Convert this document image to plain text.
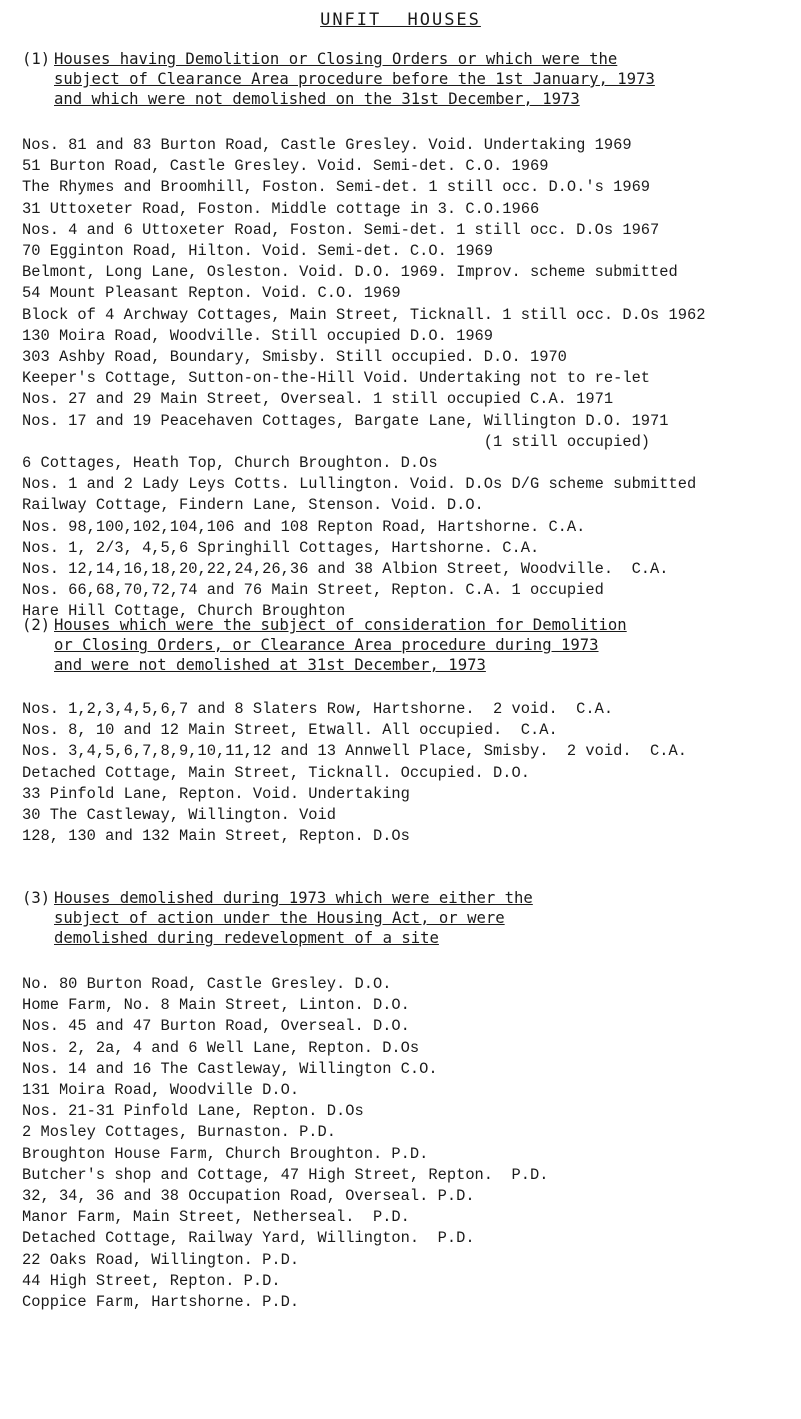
UNFIT HOUSES
(1) Houses having Demolition or Closing Orders or which were the
subject of Clearance Area procedure before the 1st January, 1973
and which were not demolished on the 31st December, 1973
Nos. 81 and 83 Burton Road, Castle Gresley. Void. Undertaking 1969
51 Burton Road, Castle Gresley. Void. Semi-det. C.O. 1969
The Rhymes and Broomhill, Foston. Semi-det. 1 still occ. D.O.'s 1969
31 Uttoxeter Road, Foston. Middle cottage in 3. C.O.1966
Nos. 4 and 6 Uttoxeter Road, Foston. Semi-det. 1 still occ. D.Os 1967
70 Egginton Road, Hilton. Void. Semi-det. C.O. 1969
Belmont, Long Lane, Osleston. Void. D.O. 1969. Improv. scheme submitted
54 Mount Pleasant Repton. Void. C.O. 1969
Block of 4 Archway Cottages, Main Street, Ticknall. 1 still occ. D.Os 1962
130 Moira Road, Woodville. Still occupied D.O. 1969
303 Ashby Road, Boundary, Smisby. Still occupied. D.O. 1970
Keeper's Cottage, Sutton-on-the-Hill Void. Undertaking not to re-let
Nos. 27 and 29 Main Street, Overseal. 1 still occupied C.A. 1971
Nos. 17 and 19 Peacehaven Cottages, Bargate Lane, Willington D.O. 1971
(1 still occupied)
6 Cottages, Heath Top, Church Broughton. D.Os
Nos. 1 and 2 Lady Leys Cotts. Lullington. Void. D.Os D/G scheme submitted
Railway Cottage, Findern Lane, Stenson. Void. D.O.
Nos. 98,100,102,104,106 and 108 Repton Road, Hartshorne. C.A.
Nos. 1, 2/3, 4,5,6 Springhill Cottages, Hartshorne. C.A.
Nos. 12,14,16,18,20,22,24,26,36 and 38 Albion Street, Woodville.  C.A.
Nos. 66,68,70,72,74 and 76 Main Street, Repton. C.A. 1 occupied
Hare Hill Cottage, Church Broughton
(2) Houses which were the subject of consideration for Demolition
or Closing Orders, or Clearance Area procedure during 1973
and were not demolished at 31st December, 1973
Nos. 1,2,3,4,5,6,7 and 8 Slaters Row, Hartshorne.  2 void.  C.A.
Nos. 8, 10 and 12 Main Street, Etwall. All occupied.  C.A.
Nos. 3,4,5,6,7,8,9,10,11,12 and 13 Annwell Place, Smisby.  2 void.  C.A.
Detached Cottage, Main Street, Ticknall. Occupied. D.O.
33 Pinfold Lane, Repton. Void. Undertaking
30 The Castleway, Willington. Void
128, 130 and 132 Main Street, Repton. D.Os
(3) Houses demolished during 1973 which were either the
subject of action under the Housing Act, or were
demolished during redevelopment of a site
No. 80 Burton Road, Castle Gresley. D.O.
Home Farm, No. 8 Main Street, Linton. D.O.
Nos. 45 and 47 Burton Road, Overseal. D.O.
Nos. 2, 2a, 4 and 6 Well Lane, Repton. D.Os
Nos. 14 and 16 The Castleway, Willington C.O.
131 Moira Road, Woodville D.O.
Nos. 21-31 Pinfold Lane, Repton. D.Os
2 Mosley Cottages, Burnaston. P.D.
Broughton House Farm, Church Broughton. P.D.
Butcher's shop and Cottage, 47 High Street, Repton.  P.D.
32, 34, 36 and 38 Occupation Road, Overseal. P.D.
Manor Farm, Main Street, Netherseal.  P.D.
Detached Cottage, Railway Yard, Willington.  P.D.
22 Oaks Road, Willington. P.D.
44 High Street, Repton. P.D.
Coppice Farm, Hartshorne. P.D.
